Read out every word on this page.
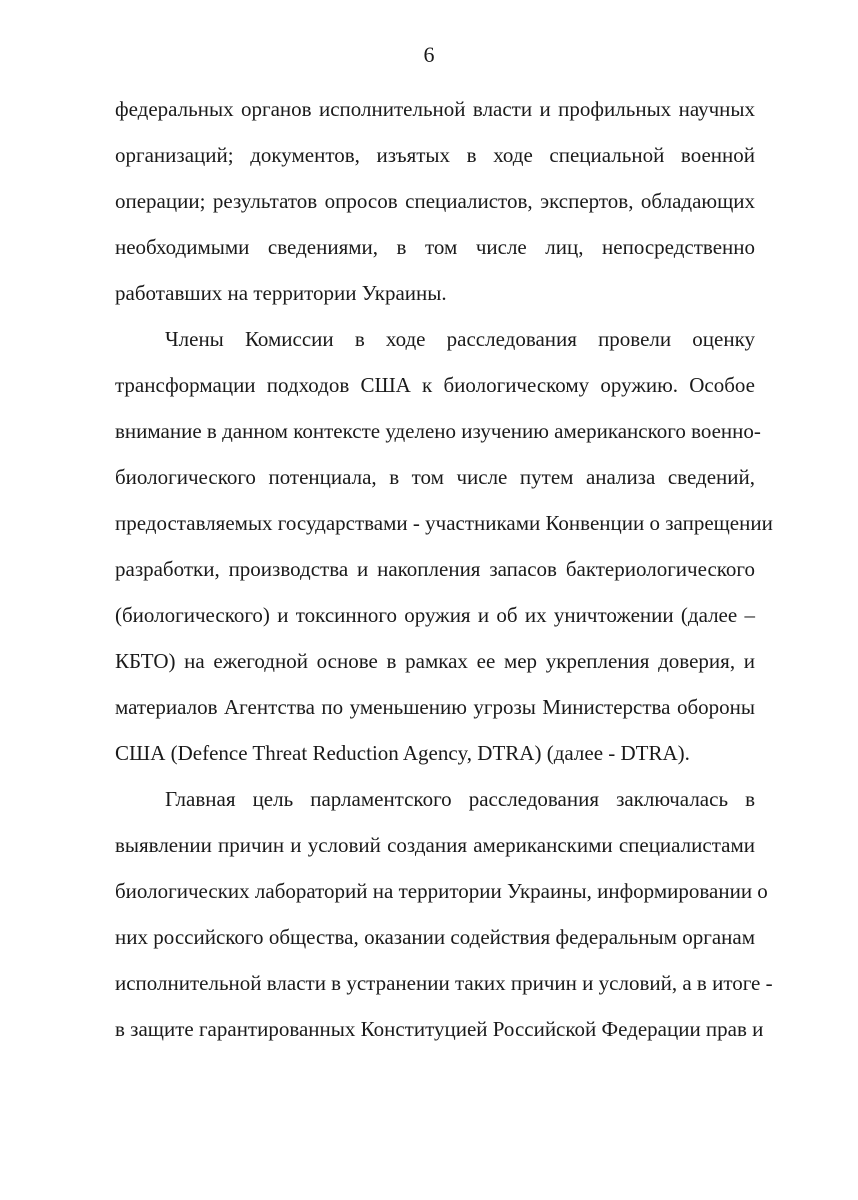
6
федеральных органов исполнительной власти и профильных научных
организаций; документов, изъятых в ходе специальной военной
операции; результатов опросов специалистов, экспертов, обладающих
необходимыми сведениями, в том числе лиц, непосредственно
работавших на территории Украины.
Члены Комиссии в ходе расследования провели оценку
трансформации подходов США к биологическому оружию. Особое
внимание в данном контексте уделено изучению американского военно-
биологического потенциала, в том числе путем анализа сведений,
предоставляемых государствами - участниками Конвенции о запрещении
разработки, производства и накопления запасов бактериологического
(биологического) и токсинного оружия и об их уничтожении (далее –
КБТО) на ежегодной основе в рамках ее мер укрепления доверия, и
материалов Агентства по уменьшению угрозы Министерства обороны
США (Defence Threat Reduction Agency, DTRA) (далее - DTRA).
Главная цель парламентского расследования заключалась в
выявлении причин и условий создания американскими специалистами
биологических лабораторий на территории Украины, информировании о
них российского общества, оказании содействия федеральным органам
исполнительной власти в устранении таких причин и условий, а в итоге -
в защите гарантированных Конституцией Российской Федерации прав и
